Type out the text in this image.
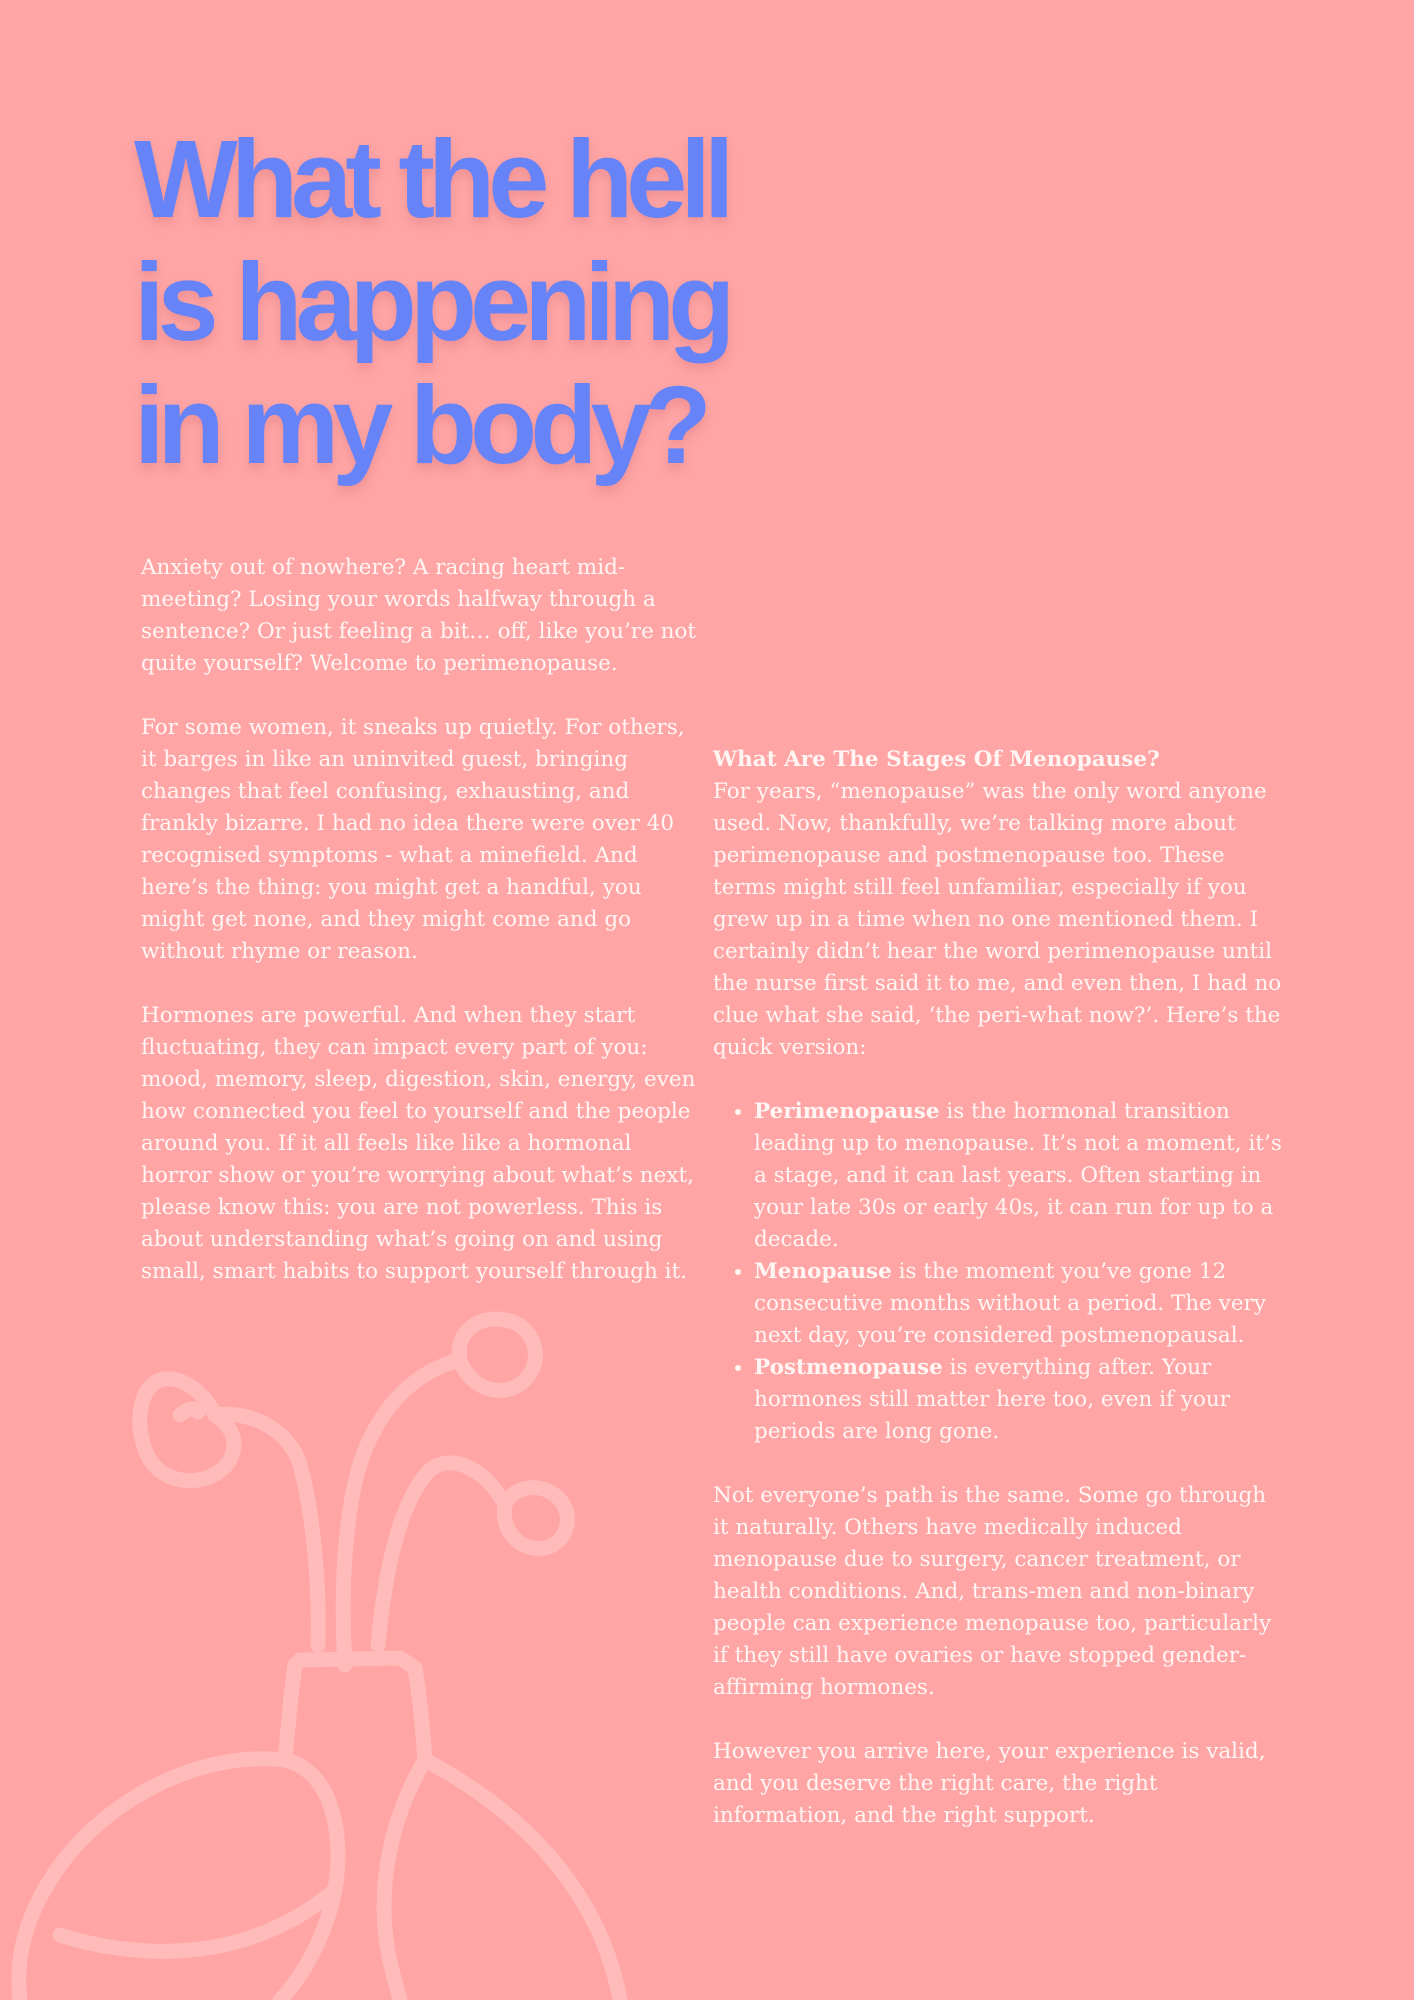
What the hell
is happening
in my body?

Anxiety out of nowhere? A racing heart mid-meeting? Losing your words halfway through a sentence? Or just feeling a bit… off, like you’re not quite yourself? Welcome to perimenopause.

For some women, it sneaks up quietly. For others, it barges in like an uninvited guest, bringing changes that feel confusing, exhausting, and frankly bizarre. I had no idea there were over 40 recognised symptoms - what a minefield. And here’s the thing: you might get a handful, you might get none, and they might come and go without rhyme or reason.

Hormones are powerful. And when they start fluctuating, they can impact every part of you: mood, memory, sleep, digestion, skin, energy, even how connected you feel to yourself and the people around you. If it all feels like like a hormonal horror show or you’re worrying about what’s next, please know this: you are not powerless. This is about understanding what’s going on and using small, smart habits to support yourself through it.

What Are The Stages Of Menopause?

For years, “menopause” was the only word anyone used. Now, thankfully, we’re talking more about perimenopause and postmenopause too. These terms might still feel unfamiliar, especially if you grew up in a time when no one mentioned them. I certainly didn’t hear the word perimenopause until the nurse first said it to me, and even then, I had no clue what she said, ‘the peri-what now?’. Here’s the quick version:

• Perimenopause is the hormonal transition leading up to menopause. It’s not a moment, it’s a stage, and it can last years. Often starting in your late 30s or early 40s, it can run for up to a decade.
• Menopause is the moment you’ve gone 12 consecutive months without a period. The very next day, you’re considered postmenopausal.
• Postmenopause is everything after. Your hormones still matter here too, even if your periods are long gone.

Not everyone’s path is the same. Some go through it naturally. Others have medically induced menopause due to surgery, cancer treatment, or health conditions. And, trans-men and non-binary people can experience menopause too, particularly if they still have ovaries or have stopped gender-affirming hormones.

However you arrive here, your experience is valid, and you deserve the right care, the right information, and the right support.
